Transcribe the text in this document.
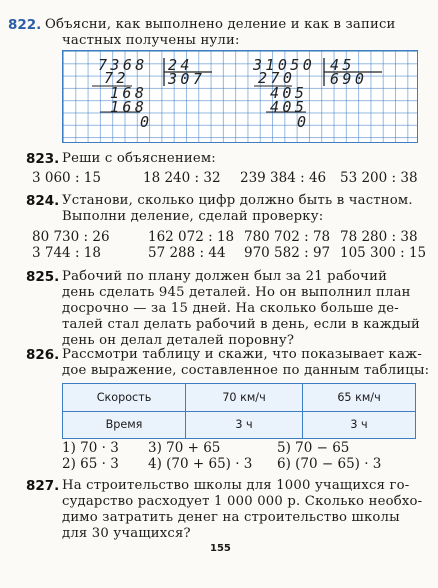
822. Объясни, как выполнено деление и как в записи
частных получены нули:
7368 24
72	307
168
168
0
31050 45
270 690
405
405
0
823. Реши с объяснением:
3 060 : 15	18 240 : 32 239 384 : 46 53 200 : 38
824. Установи, сколько цифр должно быть в частном.
Выполни деление, сделай проверку:
80 730 : 26	162 072 : 18 780 702 : 78 78 280 : 38
3 744 : 18	57 288 : 44 970 582 : 97 105 300 : 15
825. Рабочий по плану должен был за 21 рабочий
день сделать 945 деталей. Но он выполнил план
досрочно — за 15 дней. На сколько больше де-
талей стал делать рабочий в день, если в каждый
день он делал деталей поровну?
826. Рассмотри таблицу и скажи, что показывает каж-
дое выражение, составленное по данным таблицы:
Скорость	70 км/ч	65 км/ч
Время	3 ч	3 ч
1) 70 · 3 3) 70 + 65	5) 70 − 65
2) 65 · 3 4) (70 + 65) · 3 6) (70 − 65) · 3
827. На строительство школы для 1000 учащихся го-
сударство расходует 1 000 000 р. Сколько необхо-
димо затратить денег на строительство школы
для 30 учащихся?
155
